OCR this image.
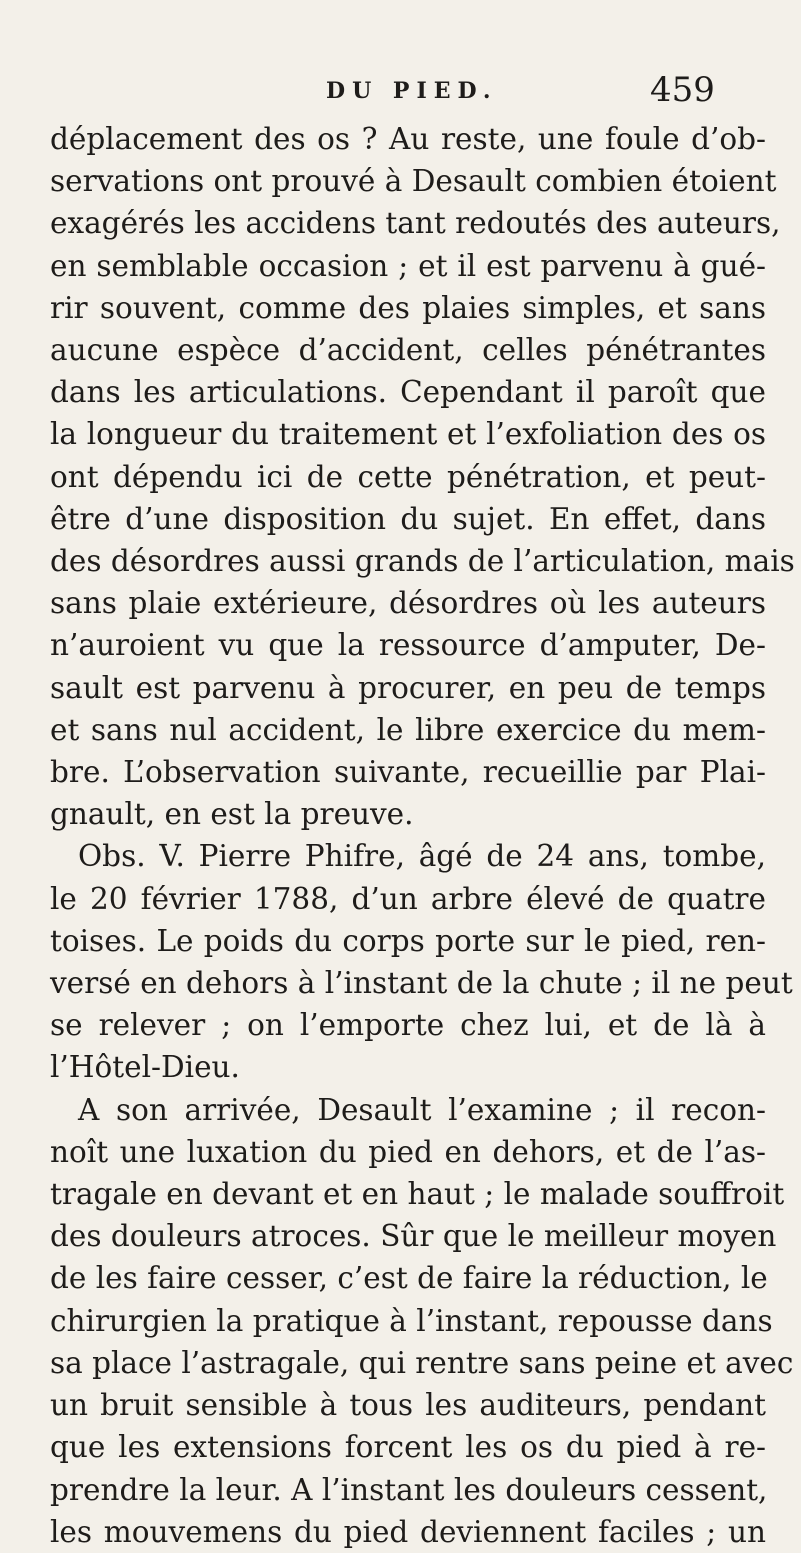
DU PIED.	459
déplacement des os ? Au reste, une foule d’ob-
servations ont prouvé à Desault combien étoient
exagérés les accidens tant redoutés des auteurs,
en semblable occasion ; et il est parvenu à gué-
rir souvent, comme des plaies simples, et sans
aucune espèce d’accident, celles pénétrantes
dans les articulations. Cependant il paroît que
la longueur du traitement et l’exfoliation des os
ont dépendu ici de cette pénétration, et peut-
être d’une disposition du sujet. En effet, dans
des désordres aussi grands de l’articulation, mais
sans plaie extérieure, désordres où les auteurs
n’auroient vu que la ressource d’amputer, De-
sault est parvenu à procurer, en peu de temps
et sans nul accident, le libre exercice du mem-
bre. L’observation suivante, recueillie par Plai-
gnault, en est la preuve.
Obs. V. Pierre Phifre, âgé de 24 ans, tombe,
le 20 février 1788, d’un arbre élevé de quatre
toises. Le poids du corps porte sur le pied, ren-
versé en dehors à l’instant de la chute ; il ne peut
se relever ; on l’emporte chez lui, et de là à
l’Hôtel-Dieu.
A son arrivée, Desault l’examine ; il recon-
noît une luxation du pied en dehors, et de l’as-
tragale en devant et en haut ; le malade souffroit
des douleurs atroces. Sûr que le meilleur moyen
de les faire cesser, c’est de faire la réduction, le
chirurgien la pratique à l’instant, repousse dans
sa place l’astragale, qui rentre sans peine et avec
un bruit sensible à tous les auditeurs, pendant
que les extensions forcent les os du pied à re-
prendre la leur. A l’instant les douleurs cessent,
les mouvemens du pied deviennent faciles ; un
